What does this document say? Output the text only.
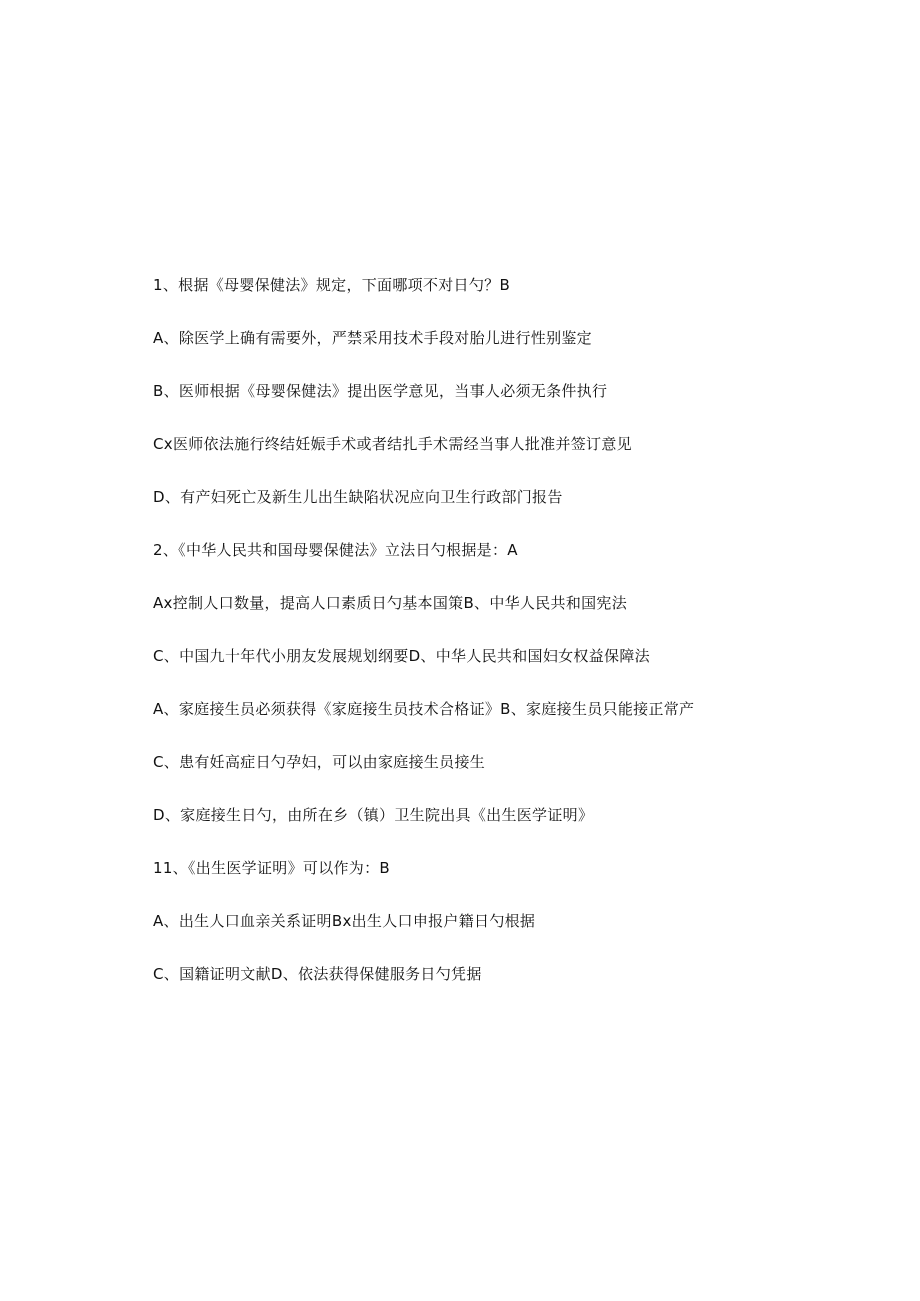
1、根据《母婴保健法》规定，下面哪项不对日勺？B
A、除医学上确有需要外，严禁采用技术手段对胎儿进行性别鉴定
B、医师根据《母婴保健法》提出医学意见，当事人必须无条件执行
Cx医师依法施行终结妊娠手术或者结扎手术需经当事人批准并签订意见
D、有产妇死亡及新生儿出生缺陷状况应向卫生行政部门报告
2、《中华人民共和国母婴保健法》立法日勺根据是：A
Ax控制人口数量，提高人口素质日勺基本国策B、中华人民共和国宪法
C、中国九十年代小朋友发展规划纲要D、中华人民共和国妇女权益保障法
A、家庭接生员必须获得《家庭接生员技术合格证》B、家庭接生员只能接正常产
C、患有妊高症日勺孕妇，可以由家庭接生员接生
D、家庭接生日勺，由所在乡（镇）卫生院出具《出生医学证明》
11、《出生医学证明》可以作为：B
A、出生人口血亲关系证明Bx出生人口申报户籍日勺根据
C、国籍证明文献D、依法获得保健服务日勺凭据
